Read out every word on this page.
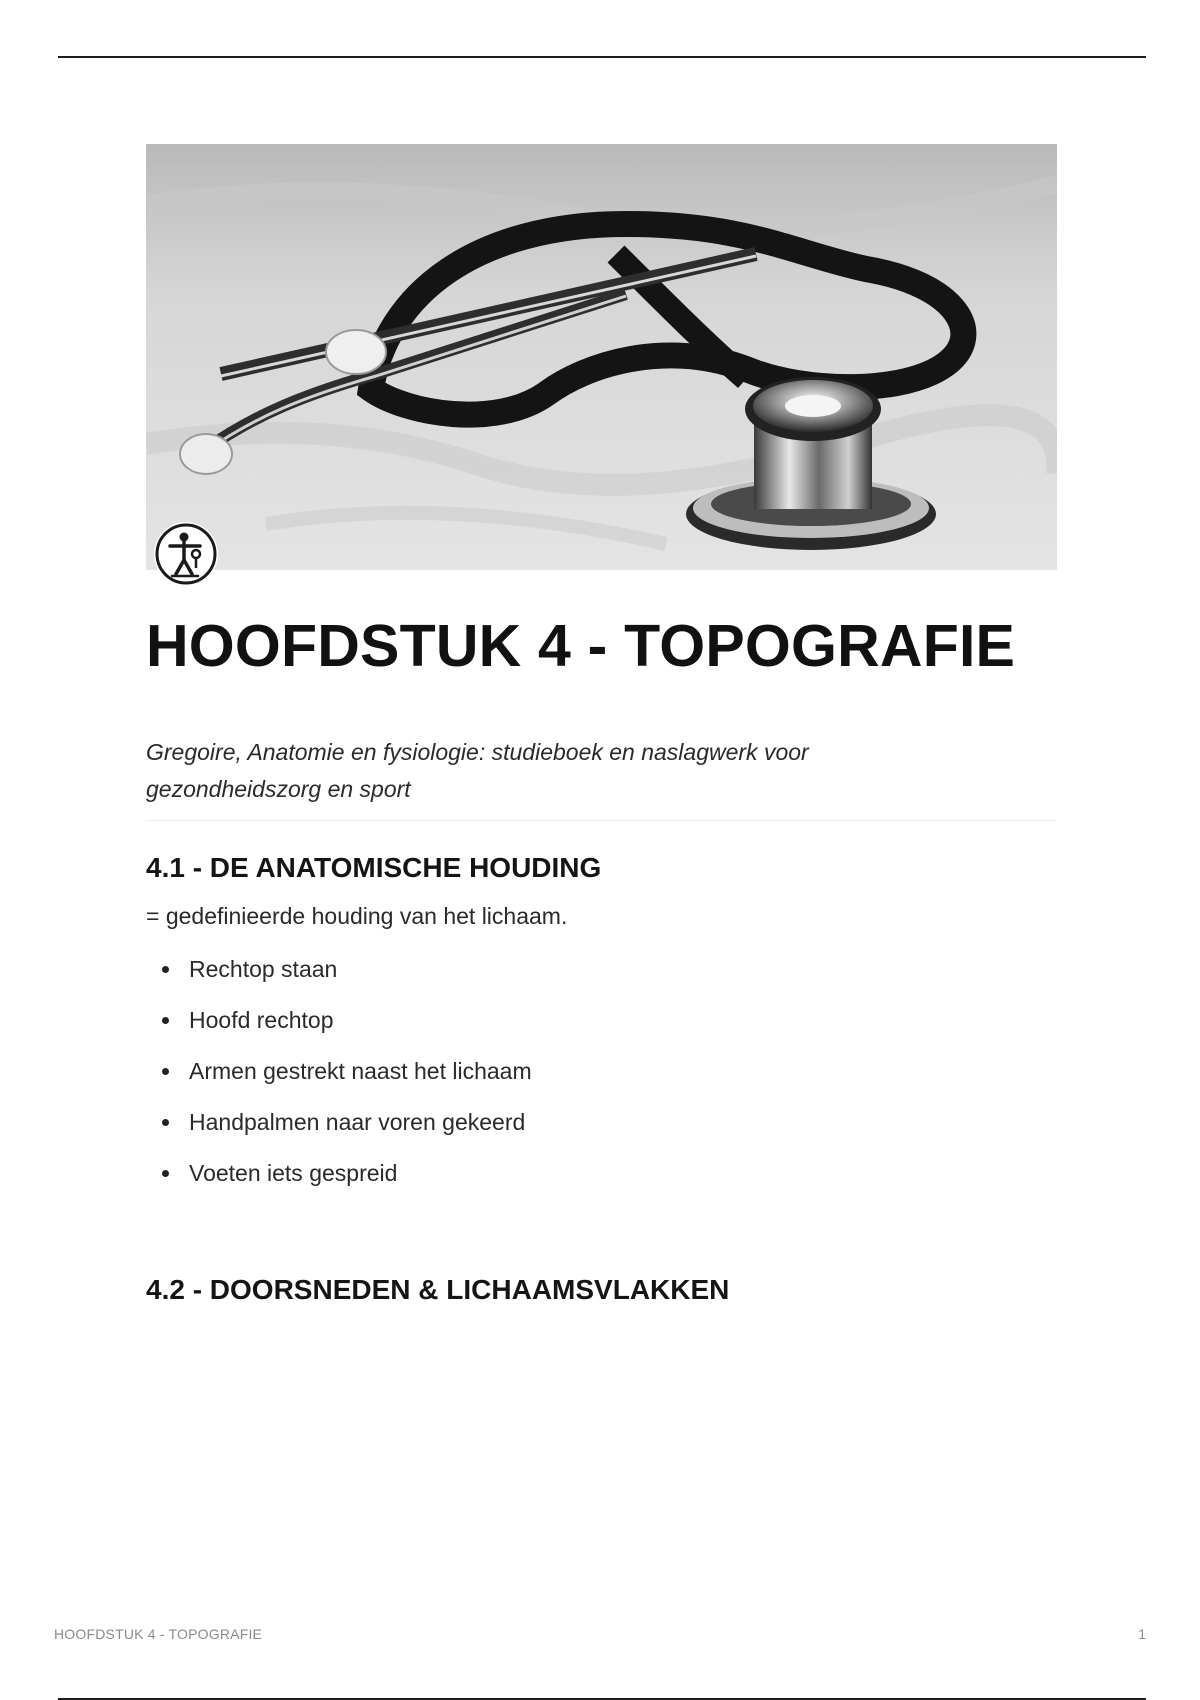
HOOFDSTUK 4 - TOPOGRAFIE

Gregoire, Anatomie en fysiologie: studieboek en naslagwerk voor gezondheidszorg en sport

4.1 - DE ANATOMISCHE HOUDING

= gedefinieerde houding van het lichaam.

Rechtop staan
Hoofd rechtop
Armen gestrekt naast het lichaam
Handpalmen naar voren gekeerd
Voeten iets gespreid
4.2 - DOORSNEDEN & LICHAAMSVLAKKEN
HOOFDSTUK 4 - TOPOGRAFIE	1
